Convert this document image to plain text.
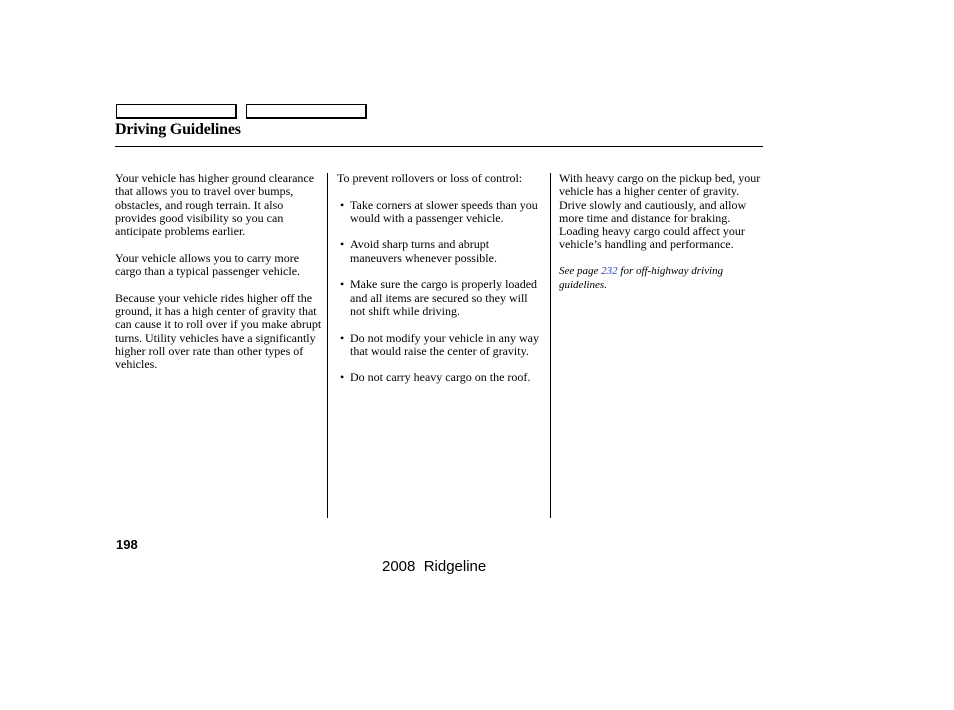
Driving Guidelines

Your vehicle has higher ground clearance that allows you to travel over bumps, obstacles, and rough terrain. It also provides good visibility so you can anticipate problems earlier.

Your vehicle allows you to carry more cargo than a typical passenger vehicle.

Because your vehicle rides higher off the ground, it has a high center of gravity that can cause it to roll over if you make abrupt turns. Utility vehicles have a significantly higher roll over rate than other types of vehicles.

To prevent rollovers or loss of control:

• Take corners at slower speeds than you would with a passenger vehicle.
• Avoid sharp turns and abrupt maneuvers whenever possible.
• Make sure the cargo is properly loaded and all items are secured so they will not shift while driving.
• Do not modify your vehicle in any way that would raise the center of gravity.
• Do not carry heavy cargo on the roof.

With heavy cargo on the pickup bed, your vehicle has a higher center of gravity. Drive slowly and cautiously, and allow more time and distance for braking. Loading heavy cargo could affect your vehicle’s handling and performance.

See page 232 for off-highway driving guidelines.

198
2008  Ridgeline
